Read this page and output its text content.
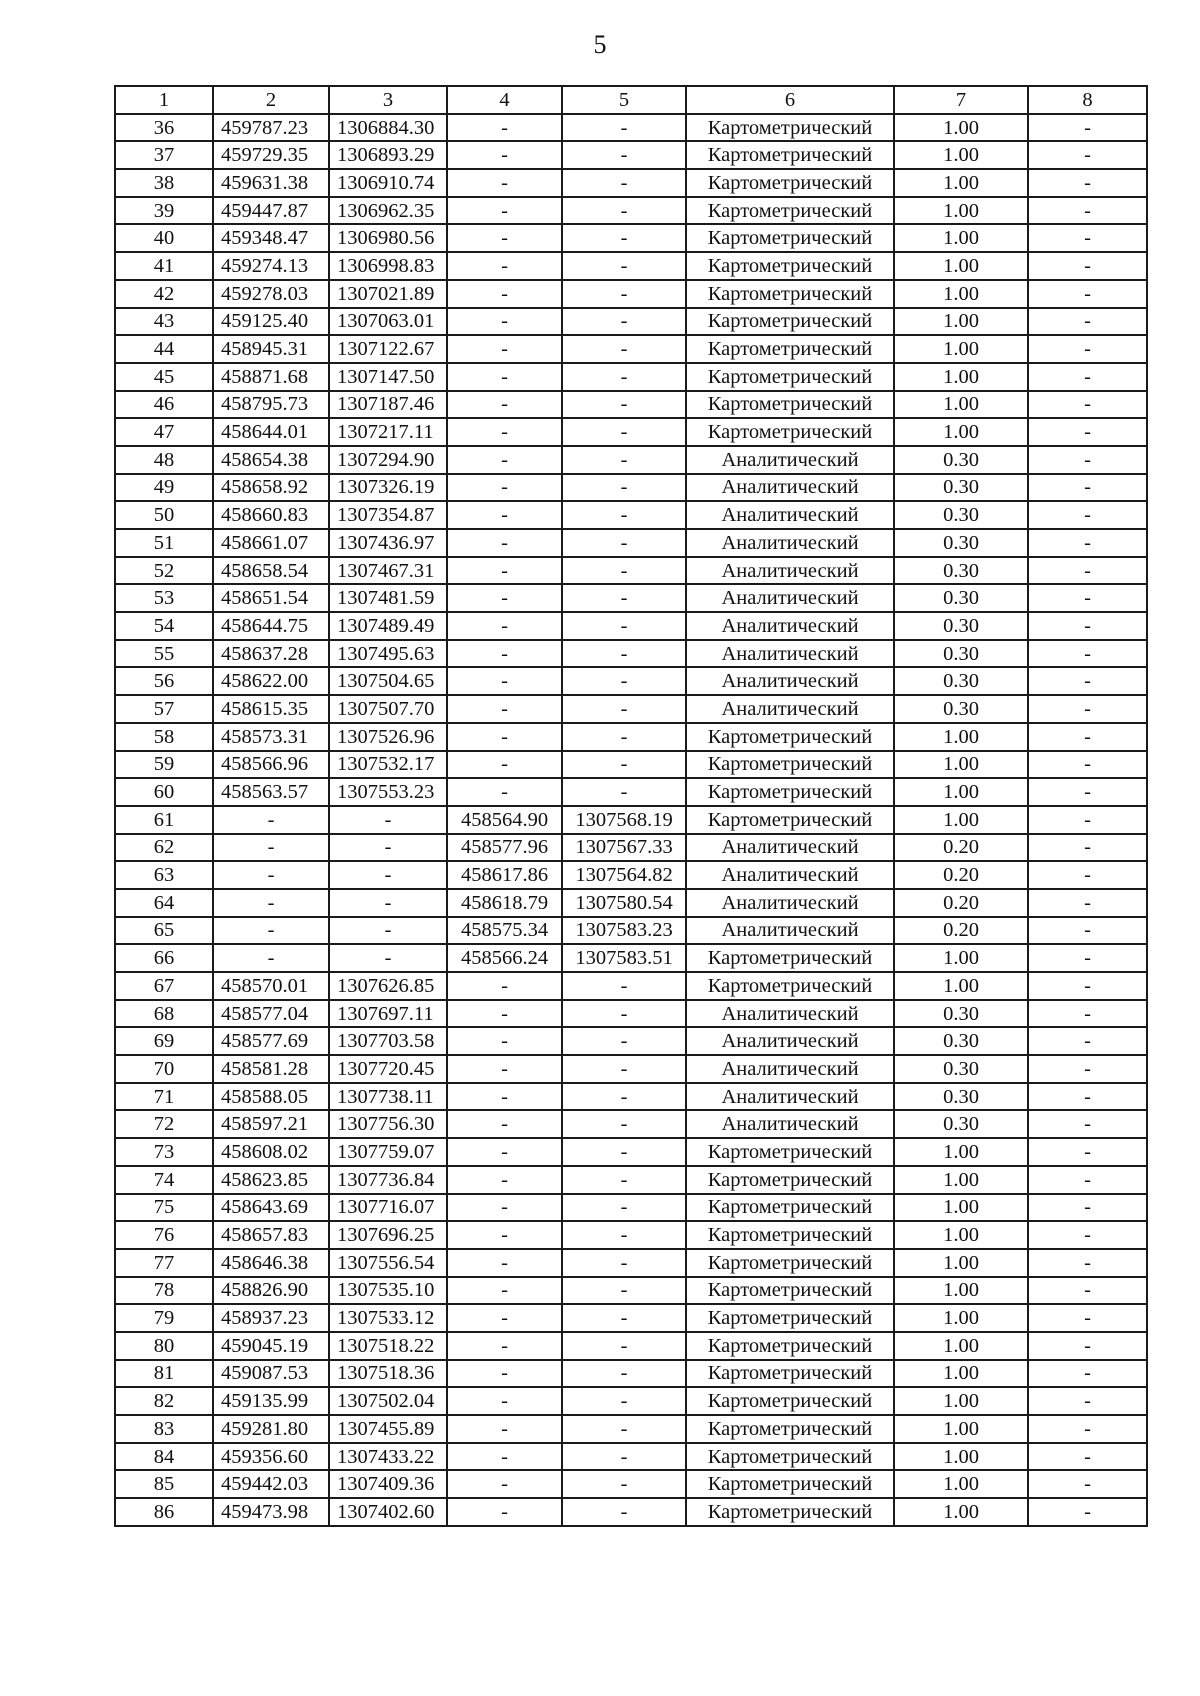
5
1	2	3	4	5	6	7	8
36	459787.23	1306884.30	-	-	Картометрический	1.00	-
37	459729.35	1306893.29	-	-	Картометрический	1.00	-
38	459631.38	1306910.74	-	-	Картометрический	1.00	-
39	459447.87	1306962.35	-	-	Картометрический	1.00	-
40	459348.47	1306980.56	-	-	Картометрический	1.00	-
41	459274.13	1306998.83	-	-	Картометрический	1.00	-
42	459278.03	1307021.89	-	-	Картометрический	1.00	-
43	459125.40	1307063.01	-	-	Картометрический	1.00	-
44	458945.31	1307122.67	-	-	Картометрический	1.00	-
45	458871.68	1307147.50	-	-	Картометрический	1.00	-
46	458795.73	1307187.46	-	-	Картометрический	1.00	-
47	458644.01	1307217.11	-	-	Картометрический	1.00	-
48	458654.38	1307294.90	-	-	Аналитический	0.30	-
49	458658.92	1307326.19	-	-	Аналитический	0.30	-
50	458660.83	1307354.87	-	-	Аналитический	0.30	-
51	458661.07	1307436.97	-	-	Аналитический	0.30	-
52	458658.54	1307467.31	-	-	Аналитический	0.30	-
53	458651.54	1307481.59	-	-	Аналитический	0.30	-
54	458644.75	1307489.49	-	-	Аналитический	0.30	-
55	458637.28	1307495.63	-	-	Аналитический	0.30	-
56	458622.00	1307504.65	-	-	Аналитический	0.30	-
57	458615.35	1307507.70	-	-	Аналитический	0.30	-
58	458573.31	1307526.96	-	-	Картометрический	1.00	-
59	458566.96	1307532.17	-	-	Картометрический	1.00	-
60	458563.57	1307553.23	-	-	Картометрический	1.00	-
61	-	-	458564.90	1307568.19	Картометрический	1.00	-
62	-	-	458577.96	1307567.33	Аналитический	0.20	-
63	-	-	458617.86	1307564.82	Аналитический	0.20	-
64	-	-	458618.79	1307580.54	Аналитический	0.20	-
65	-	-	458575.34	1307583.23	Аналитический	0.20	-
66	-	-	458566.24	1307583.51	Картометрический	1.00	-
67	458570.01	1307626.85	-	-	Картометрический	1.00	-
68	458577.04	1307697.11	-	-	Аналитический	0.30	-
69	458577.69	1307703.58	-	-	Аналитический	0.30	-
70	458581.28	1307720.45	-	-	Аналитический	0.30	-
71	458588.05	1307738.11	-	-	Аналитический	0.30	-
72	458597.21	1307756.30	-	-	Аналитический	0.30	-
73	458608.02	1307759.07	-	-	Картометрический	1.00	-
74	458623.85	1307736.84	-	-	Картометрический	1.00	-
75	458643.69	1307716.07	-	-	Картометрический	1.00	-
76	458657.83	1307696.25	-	-	Картометрический	1.00	-
77	458646.38	1307556.54	-	-	Картометрический	1.00	-
78	458826.90	1307535.10	-	-	Картометрический	1.00	-
79	458937.23	1307533.12	-	-	Картометрический	1.00	-
80	459045.19	1307518.22	-	-	Картометрический	1.00	-
81	459087.53	1307518.36	-	-	Картометрический	1.00	-
82	459135.99	1307502.04	-	-	Картометрический	1.00	-
83	459281.80	1307455.89	-	-	Картометрический	1.00	-
84	459356.60	1307433.22	-	-	Картометрический	1.00	-
85	459442.03	1307409.36	-	-	Картометрический	1.00	-
86	459473.98	1307402.60	-	-	Картометрический	1.00	-
